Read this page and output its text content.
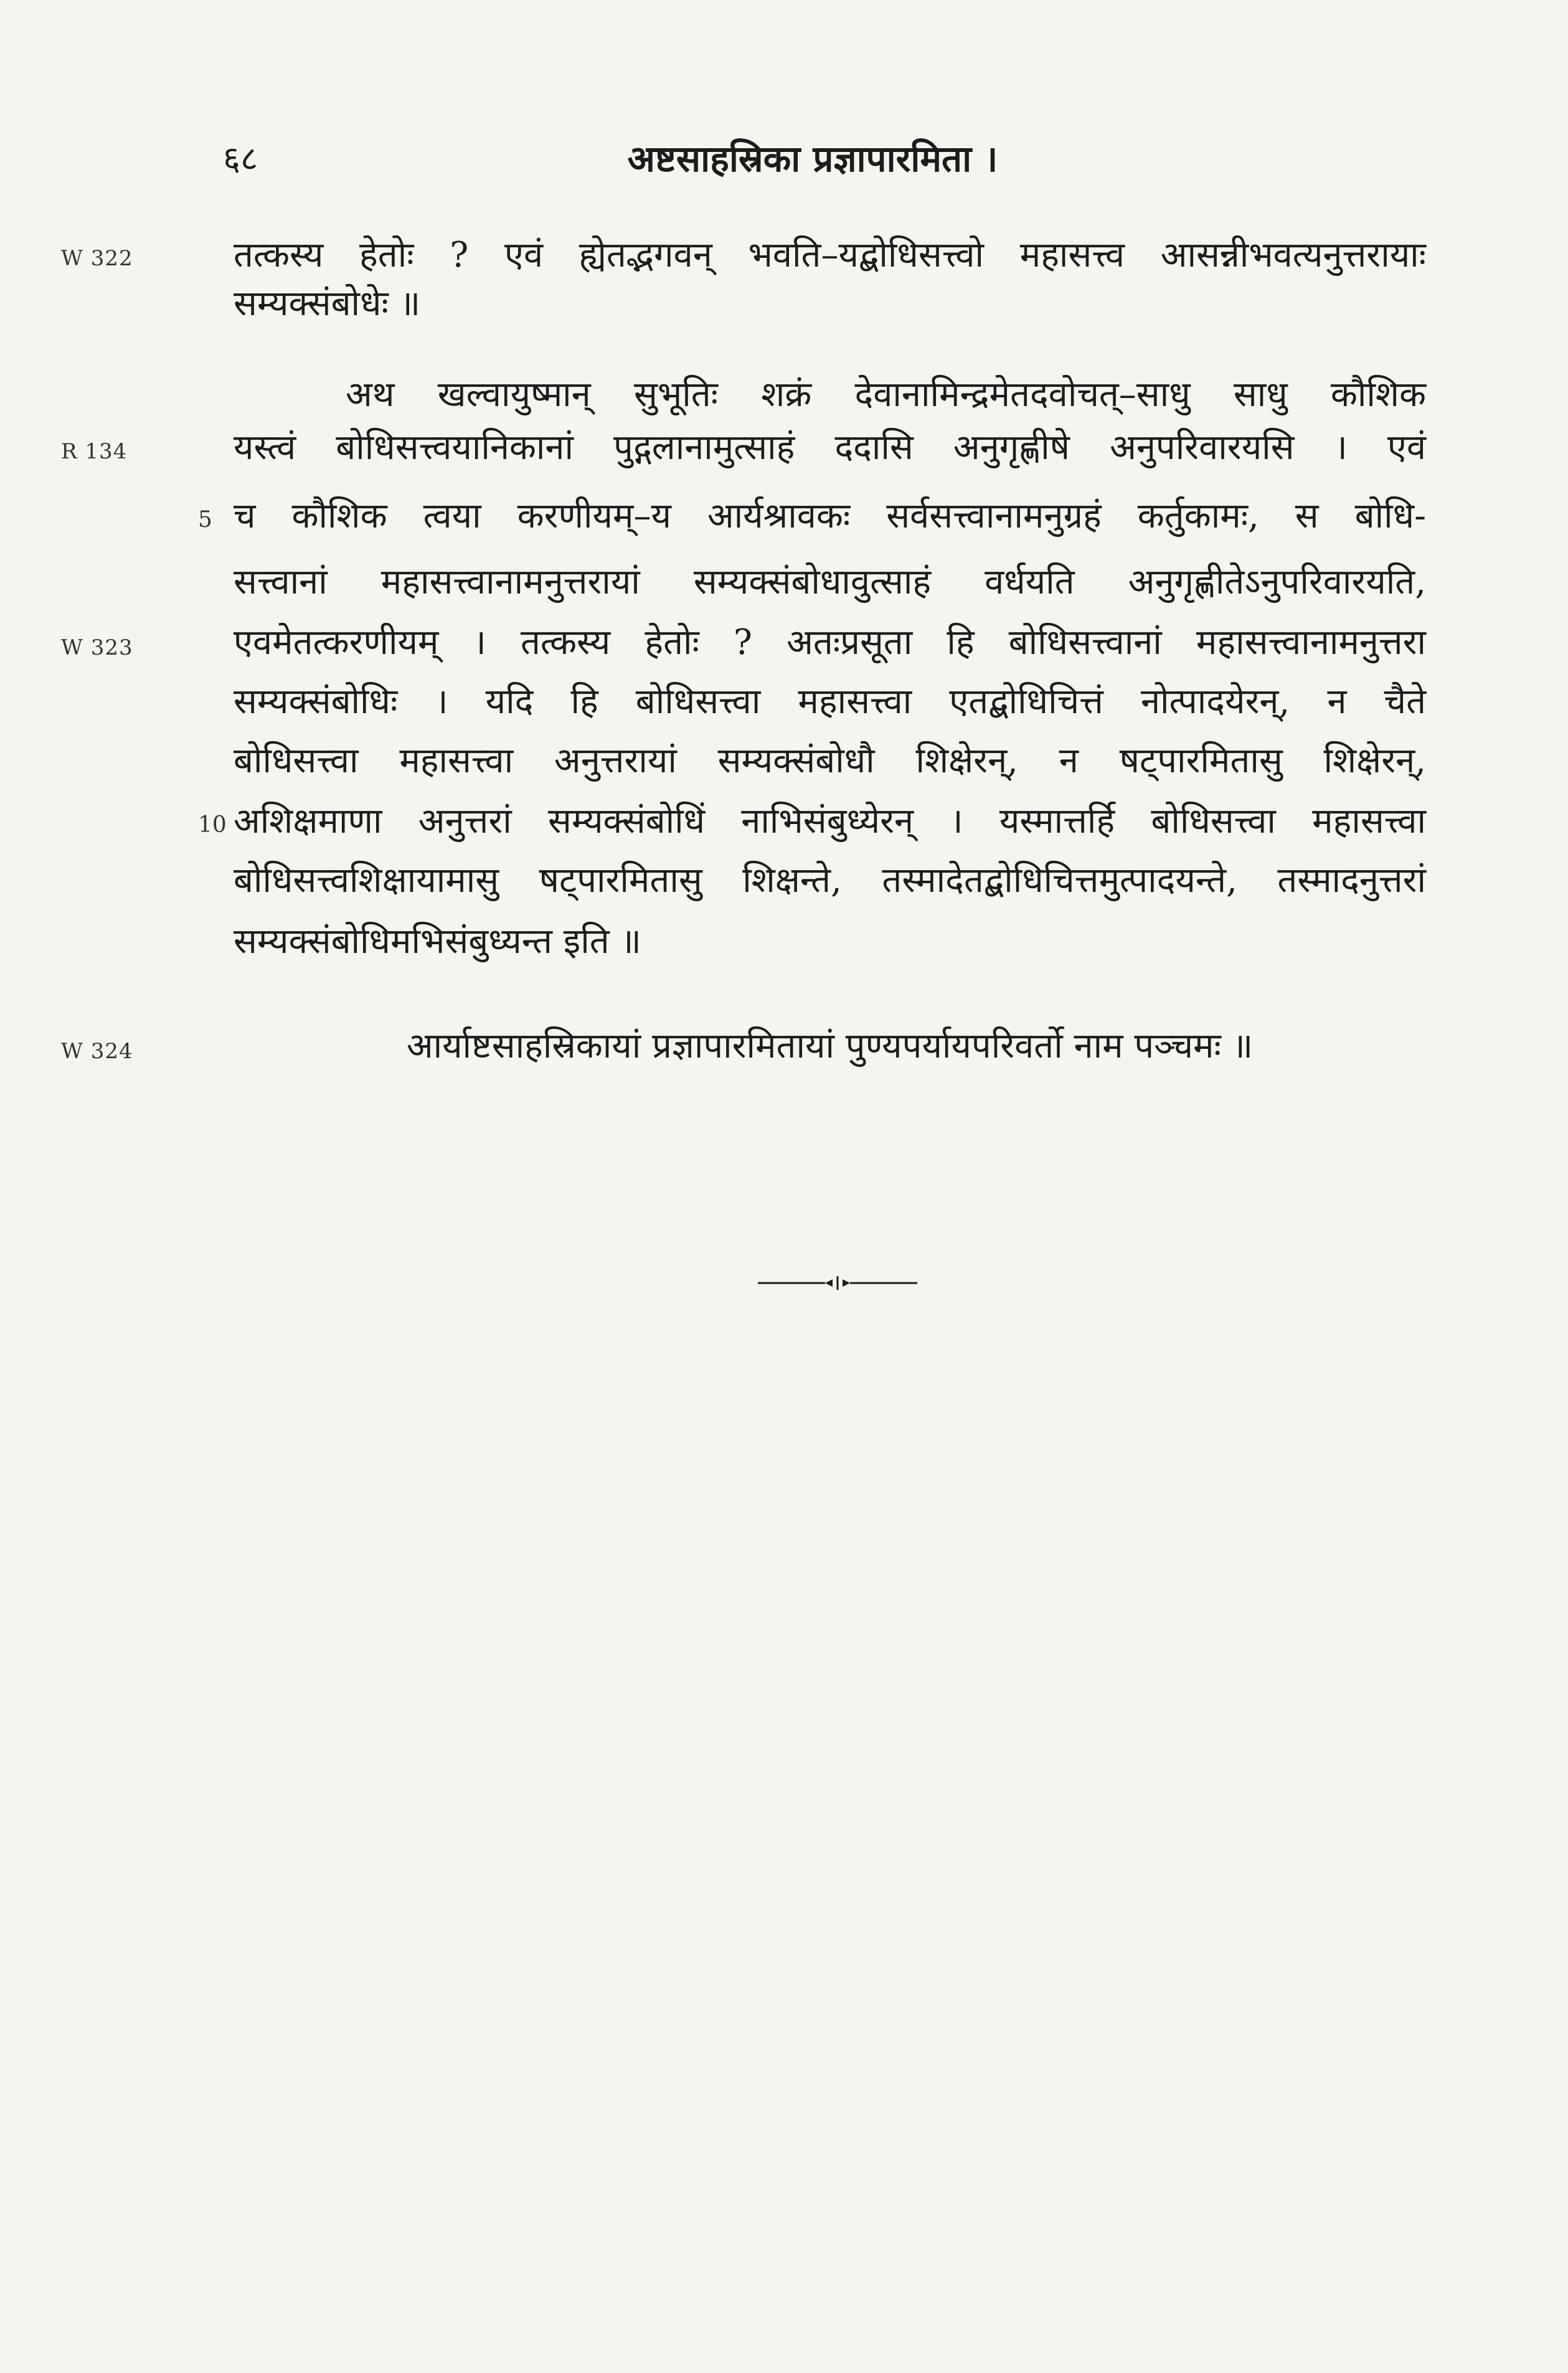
६८	अष्टसाहस्रिका प्रज्ञापारमिता ।
W 322
R 134
W 323
W 324
5
10
तत्कस्य हेतोः ? एवं ह्येतद्भगवन् भवति–यद्बोधिसत्त्वो महासत्त्व आसन्नीभवत्यनुत्तरायाः
सम्यक्संबोधेः ॥
अथ खल्वायुष्मान् सुभूतिः शक्रं देवानामिन्द्रमेतदवोचत्–साधु साधु कौशिक
यस्त्वं बोधिसत्त्वयानिकानां पुद्गलानामुत्साहं ददासि अनुगृह्णीषे अनुपरिवारयसि । एवं
च कौशिक त्वया करणीयम्–य आर्यश्रावकः सर्वसत्त्वानामनुग्रहं कर्तुकामः, स बोधि-
सत्त्वानां महासत्त्वानामनुत्तरायां सम्यक्संबोधावुत्साहं वर्धयति अनुगृह्णीतेऽनुपरिवारयति,
एवमेतत्करणीयम् । तत्कस्य हेतोः ? अतःप्रसूता हि बोधिसत्त्वानां महासत्त्वानामनुत्तरा
सम्यक्संबोधिः । यदि हि बोधिसत्त्वा महासत्त्वा एतद्बोधिचित्तं नोत्पादयेरन्, न चैते
बोधिसत्त्वा महासत्त्वा अनुत्तरायां सम्यक्संबोधौ शिक्षेरन्, न षट्पारमितासु शिक्षेरन्,
अशिक्षमाणा अनुत्तरां सम्यक्संबोधिं नाभिसंबुध्येरन् । यस्मात्तर्हि बोधिसत्त्वा महासत्त्वा
बोधिसत्त्वशिक्षायामासु षट्पारमितासु शिक्षन्ते, तस्मादेतद्बोधिचित्तमुत्पादयन्ते, तस्मादनुत्तरां
सम्यक्संबोधिमभिसंबुध्यन्त इति ॥
आर्याष्टसाहस्रिकायां प्रज्ञापारमितायां पुण्यपर्यायपरिवर्तो नाम पञ्चमः ॥
